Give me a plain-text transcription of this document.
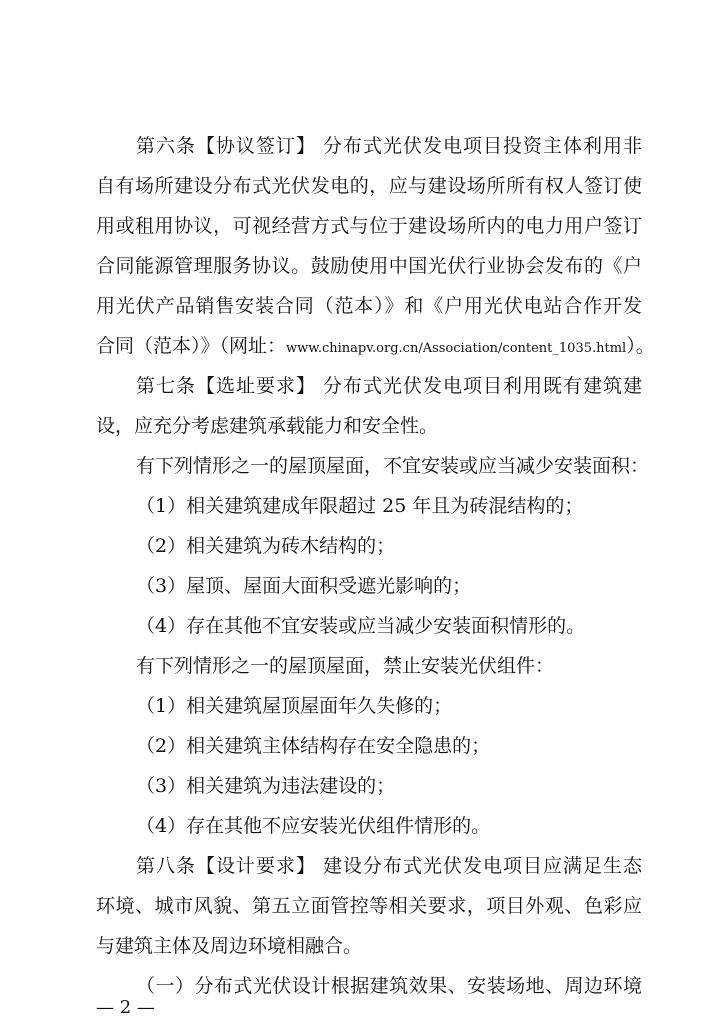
第六条【协议签订】 分布式光伏发电项目投资主体利用非
自有场所建设分布式光伏发电的，应与建设场所所有权人签订使
用或租用协议，可视经营方式与位于建设场所内的电力用户签订
合同能源管理服务协议。鼓励使用中国光伏行业协会发布的《户
用光伏产品销售安装合同（范本）》和《户用光伏电站合作开发
合同（范本）》（网址：www.chinapv.org.cn/Association/content_1035.html）。
第七条【选址要求】 分布式光伏发电项目利用既有建筑建
设，应充分考虑建筑承载能力和安全性。
有下列情形之一的屋顶屋面，不宜安装或应当减少安装面积：
（1）相关建筑建成年限超过 25 年且为砖混结构的；
（2）相关建筑为砖木结构的；
（3）屋顶、屋面大面积受遮光影响的；
（4）存在其他不宜安装或应当减少安装面积情形的。
有下列情形之一的屋顶屋面，禁止安装光伏组件：
（1）相关建筑屋顶屋面年久失修的；
（2）相关建筑主体结构存在安全隐患的；
（3）相关建筑为违法建设的；
（4）存在其他不应安装光伏组件情形的。
第八条【设计要求】 建设分布式光伏发电项目应满足生态
环境、城市风貌、第五立面管控等相关要求，项目外观、色彩应
与建筑主体及周边环境相融合。
（一）分布式光伏设计根据建筑效果、安装场地、周边环境
— 2 —
